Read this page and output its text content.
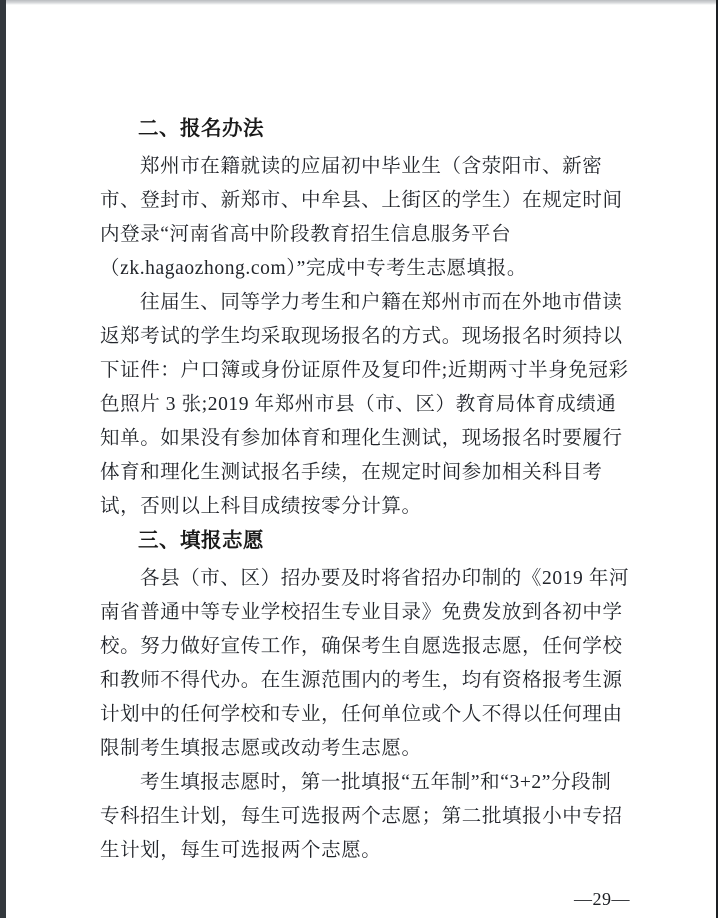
二、报名办法

郑州市在籍就读的应届初中毕业生（含荥阳市、新密市、登封市、新郑市、中牟县、上街区的学生）在规定时间内登录“河南省高中阶段教育招生信息服务平台（zk.hagaozhong.com）”完成中专考生志愿填报。

往届生、同等学力考生和户籍在郑州市而在外地市借读返郑考试的学生均采取现场报名的方式。现场报名时须持以下证件：户口簿或身份证原件及复印件;近期两寸半身免冠彩色照片 3 张;2019 年郑州市县（市、区）教育局体育成绩通知单。如果没有参加体育和理化生测试，现场报名时要履行体育和理化生测试报名手续，在规定时间参加相关科目考试，否则以上科目成绩按零分计算。

三、填报志愿

各县（市、区）招办要及时将省招办印制的《2019 年河南省普通中等专业学校招生专业目录》免费发放到各初中学校。努力做好宣传工作，确保考生自愿选报志愿，任何学校和教师不得代办。在生源范围内的考生，均有资格报考生源计划中的任何学校和专业，任何单位或个人不得以任何理由限制考生填报志愿或改动考生志愿。

考生填报志愿时，第一批填报“五年制”和“3+2”分段制专科招生计划，每生可选报两个志愿；第二批填报小中专招生计划，每生可选报两个志愿。

—29—
